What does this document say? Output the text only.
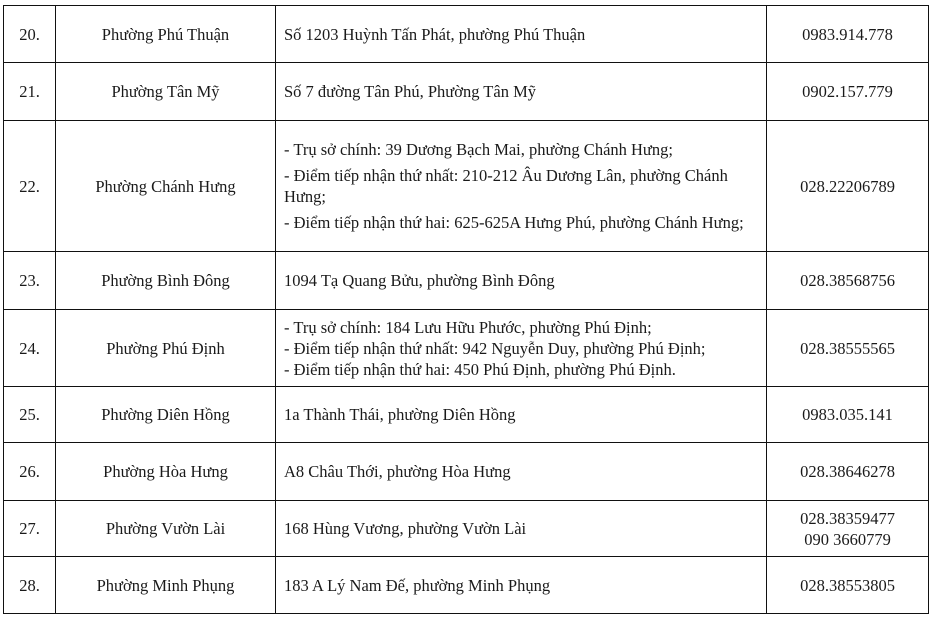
20.	Phường Phú Thuận	Số 1203 Huỳnh Tấn Phát, phường Phú Thuận	0983.914.778
21.	Phường Tân Mỹ	Số 7 đường Tân Phú, Phường Tân Mỹ	0902.157.779
22.	Phường Chánh Hưng	- Trụ sở chính: 39 Dương Bạch Mai, phường Chánh Hưng;

- Điểm tiếp nhận thứ nhất: 210-212 Âu Dương Lân, phường Chánh Hưng;

- Điểm tiếp nhận thứ hai: 625-625A Hưng Phú, phường Chánh Hưng;	028.22206789
23.	Phường Bình Đông	1094 Tạ Quang Bửu, phường Bình Đông	028.38568756
24.	Phường Phú Định	- Trụ sở chính: 184 Lưu Hữu Phước, phường Phú Định;

- Điểm tiếp nhận thứ nhất: 942 Nguyễn Duy, phường Phú Định;

- Điểm tiếp nhận thứ hai: 450 Phú Định, phường Phú Định.	028.38555565
25.	Phường Diên Hồng	1a Thành Thái, phường Diên Hồng	0983.035.141
26.	Phường Hòa Hưng	A8 Châu Thới, phường Hòa Hưng	028.38646278
27.	Phường Vườn Lài	168 Hùng Vương, phường Vườn Lài	028.38359477
090 3660779

28.	Phường Minh Phụng	183 A Lý Nam Đế, phường Minh Phụng	028.38553805
